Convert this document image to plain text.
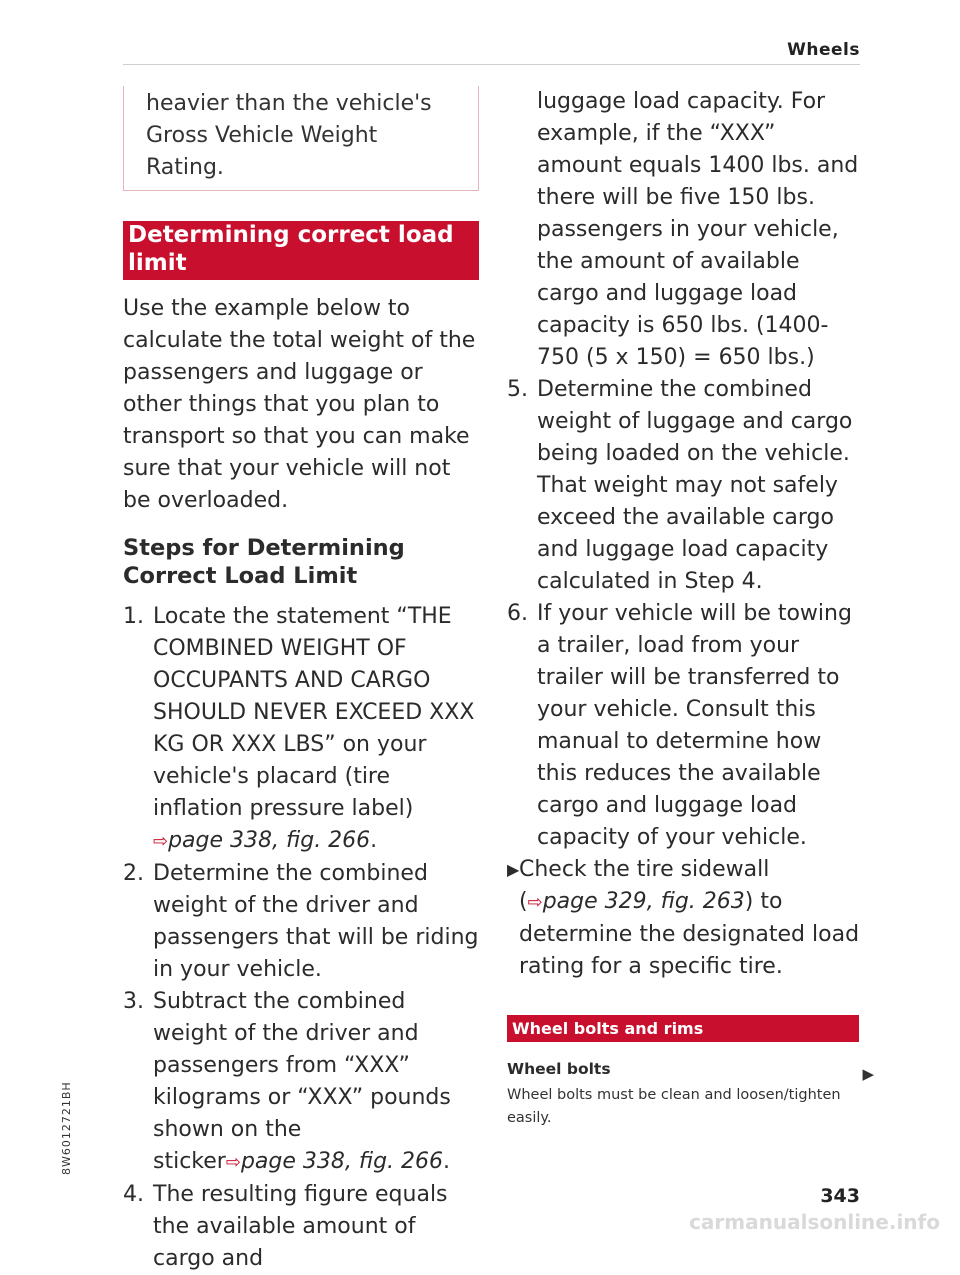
Wheels

heavier than the vehicle's

Gross Vehicle Weight Rating.

Determining correct load limit

Use the example below to calculate the total weight of the passengers and luggage or other things that you plan to transport so that you can make sure that your vehicle will not be overloaded.

Steps for Determining Correct Load Limit
1. Locate the statement “THE COMBINED WEIGHT OF OCCUPANTS AND CARGO SHOULD NEVER EXCEED XXX KG OR XXX LBS” on your vehicle's placard (tire inflation pressure label) ⇨page 338, fig. 266.
2. Determine the combined weight of the driver and passengers that will be riding in your vehicle.
3. Subtract the combined weight of the driver and passengers from “XXX” kilograms or “XXX” pounds shown on the sticker⇨page 338, fig. 266.
4. The resulting figure equals the available amount of cargo and

luggage load capacity. For example, if the “XXX” amount equals 1400 lbs. and there will be five 150 lbs. passengers in your vehicle, the amount of available cargo and luggage load capacity is 650 lbs. (1400-750 (5 x 150) = 650 lbs.)

5. Determine the combined weight of luggage and cargo being loaded on the vehicle. That weight may not safely exceed the available cargo and luggage load capacity calculated in Step 4.
6. If your vehicle will be towing a trailer, load from your trailer will be transferred to your vehicle. Consult this manual to determine how this reduces the available cargo and luggage load capacity of your vehicle.
▶ Check the tire sidewall (⇨page 329, fig. 263) to determine the designated load rating for a specific tire.
Wheel bolts and rims
Wheel bolts

Wheel bolts must be clean and loosen/tighten easily.

▶
8W6012721BH
343
carmanualsonline.info
